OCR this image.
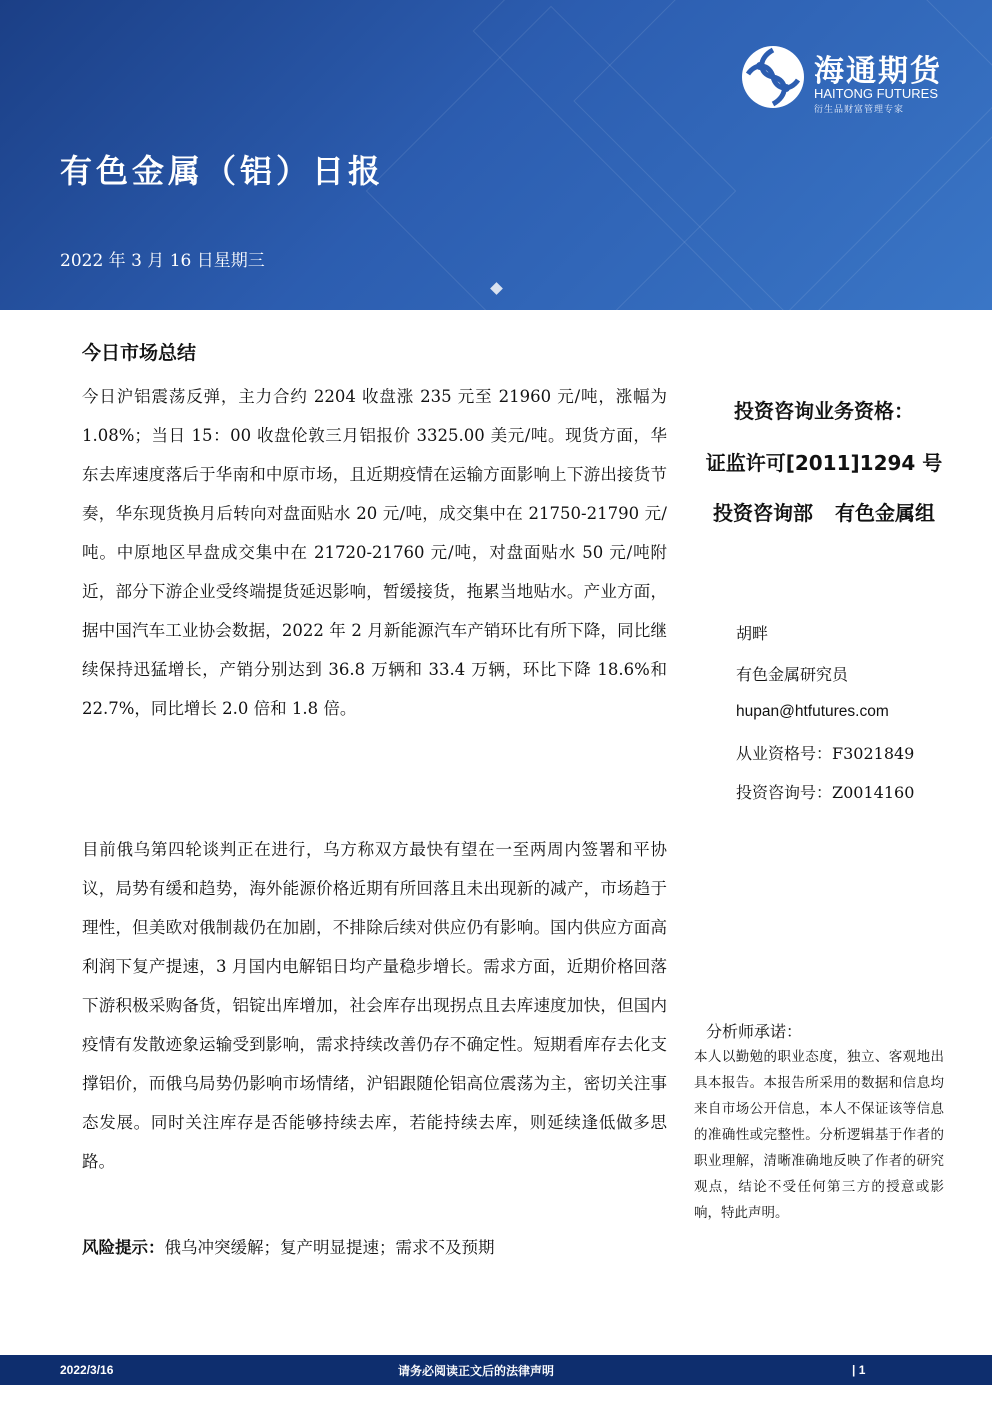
海通期货
HAITONG FUTURES
衍生品财富管理专家
有色金属（铝）日报
2022 年 3 月 16 日星期三
今日市场总结
今日沪铝震荡反弹，主力合约 2204 收盘涨 235 元至 21960 元/吨，涨幅为 1.08%；当日 15：00 收盘伦敦三月铝报价 3325.00 美元/吨。现货方面，华东去库速度落后于华南和中原市场，且近期疫情在运输方面影响上下游出接货节奏，华东现货换月后转向对盘面贴水 20 元/吨，成交集中在 21750-21790 元/吨。中原地区早盘成交集中在 21720-21760 元/吨，对盘面贴水 50 元/吨附近，部分下游企业受终端提货延迟影响，暂缓接货，拖累当地贴水。产业方面，据中国汽车工业协会数据，2022 年 2 月新能源汽车产销环比有所下降，同比继续保持迅猛增长，产销分别达到 36.8 万辆和 33.4 万辆，环比下降 18.6%和 22.7%，同比增长 2.0 倍和 1.8 倍。
目前俄乌第四轮谈判正在进行，乌方称双方最快有望在一至两周内签署和平协议，局势有缓和趋势，海外能源价格近期有所回落且未出现新的减产，市场趋于理性，但美欧对俄制裁仍在加剧，不排除后续对供应仍有影响。国内供应方面高利润下复产提速，3 月国内电解铝日均产量稳步增长。需求方面，近期价格回落下游积极采购备货，铝锭出库增加，社会库存出现拐点且去库速度加快，但国内疫情有发散迹象运输受到影响，需求持续改善仍存不确定性。短期看库存去化支撑铝价，而俄乌局势仍影响市场情绪，沪铝跟随伦铝高位震荡为主，密切关注事态发展。同时关注库存是否能够持续去库，若能持续去库，则延续逢低做多思路。
风险提示：俄乌冲突缓解；复产明显提速；需求不及预期
投资咨询业务资格：
证监许可[2011]1294 号
投资咨询部 有色金属组
胡畔
有色金属研究员
hupan@htfutures.com
从业资格号：F3021849
投资咨询号：Z0014160
分析师承诺：
本人以勤勉的职业态度，独立、客观地出具本报告。本报告所采用的数据和信息均来自市场公开信息，本人不保证该等信息的准确性或完整性。分析逻辑基于作者的职业理解，清晰准确地反映了作者的研究观点，结论不受任何第三方的授意或影响，特此声明。
2022/3/16	请务必阅读正文后的法律声明	| 1
